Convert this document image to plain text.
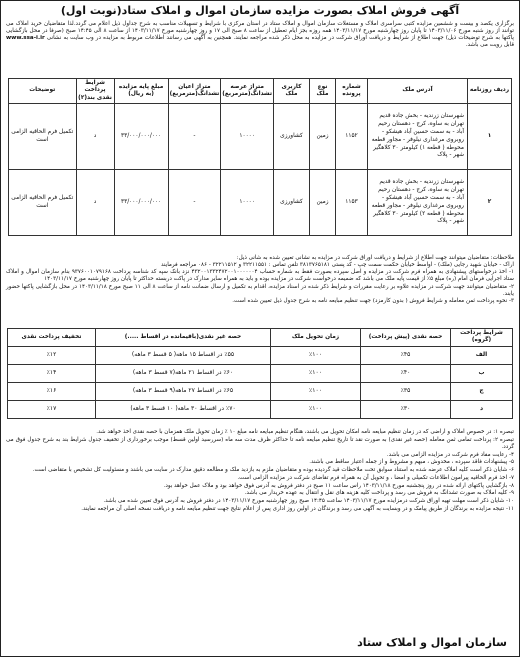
آگهی فروش املاک بصورت مزایده سازمان اموال و املاک ستاد(نوبت اول)
برگزاری یکصد و بیست و ششمین مزایده کتبی سراسری املاک و مستغلات سازمان اموال و املاک ستاد در استان مرکزی با شرایط و تسهیلات مناسب به شرح جداول ذیل اعلام می گردد.لذا متقاضیان خرید املاک می توانند از روز شنبه مورخ ۱۴۰۳/۱۱/۰۶ تا پایان روز چهارشنبه مورخ ۱۴۰۳/۱۱/۱۷ همه روزه بجز ایام تعطیل از ساعت ۸ صبح الی ۱۷ و روز چهارشنبه مورخ ۱۴۰۳/۱۱/۱۷ از ساعت ۸ الی ۱۴:۴۵ صبح (صرفا در محل بازگشایی پاکتها به شرح توضیحات ذیل) جهت اطلاع از شرایط و دریافت اوراق شرکت در مزایده به محل ذکر شده مراجعه نمایند. همچنین به آگهی می رسانند اطلاعات مربوط به مزایده در وب سایت به نشانی www.ssa-i.ir قابل رویت می باشد.
ردیف روزنامه	آدرس ملک	شماره پرونده	نوع ملک	کاربری ملک	متراژ عرصه تشدانگ(مترمربع)	متراژ اعیان تشدانگ(مترمربع)	مبلغ پایه مزایده (به ریال)	شرایط پرداخت نقدی بند(۲)	توضیحات
۱	شهرستان زرندیه - بخش جاده قدیم تهران به ساوه، کرج - دهستان رحیم آباد - به سمت حسین آباد هیشکو - روبروی مرغداری نیلوفر - مجاور قطعه محوطه ( قطعه ۱) کیلومتر ۳۰ کلاهگیر شهر - پلاک	۱۱۵۲	زمین	کشاورزی	۱۰۰۰۰	-	۳۳/۰۰۰/۰۰۰/۰۰۰	د	تکمیل فرم الحاقیه الزامی است
۲	شهرستان زرندیه - بخش جاده قدیم تهران به ساوه، کرج - دهستان رحیم آباد - به سمت حسین آباد هیشکو - روبروی مرغداری نیلوفر - مجاور قطعه محوطه ( قطعه ۲) کیلومتر ۳۰ کلاهگیر شهر - پلاک	۱۱۵۳	زمین	کشاورزی	۱۰۰۰۰	-	۳۳/۰۰۰/۰۰۰/۰۰۰	د	تکمیل فرم الحاقیه الزامی است

ملاحظات: متقاضیان میتوانند جهت اطلاع از شرایط و دریافت اوراق شرکت در مزایده به نشانی تعیین شده به شانی ذیل:

اراک - خیابان شهید رجایی (ملک) - اواسط خیابان حکمت سمت چپ - کد پستی ۳۸۱۳۷۶۵۱۸۱ تلفن تماس : ۳۲۲۱۱۵۵۱ و ۳۲۲۱۱۵۱۲ - ۰۸۶ مراجعه فرمایند

۱- اخذ درخواستهای پیشنهادی به همراه فرم شرکت در مزایده و اصل سپرده بصورت فقط به شماره حساب ۴۳۲۰۰۱۳۳۲۴۷۲۰۰۱۰۰۰۰۰۰۴ نزد بانک سپه کد شناسه پرداخت ۹۳۷۶۰۰۱۰۷۹۱۶۸ بنام سازمان اموال و املاک ستاد اجرایی فرمان امام (ره) مبلغ ۵٪ از قیمت پایه ملک می باشد که ضمیمه درخواست شرکت در مزایده بوده و باید به همراه سایر مدارک در پاکت دربسته حداکثر تا پایان روز چهارشنبه مورخ ۱۴۰۳/۱۱/۱۷

۲- متقاضیان میتوانند جهت شرکت در مزایده علاوه بر رعایت مقررات و شرایط ذکر شده در اسناد مزایده، اقدام به تکمیل و ارسال ضمانت نامه از ساعت ۸ الی ۱۱ صبح مورخ ۱۴۰۳/۱۱/۱۸ در محل بازگشایی پاکتها حضور یابند.

۳- نحوه پرداخت ثمن معامله و شرایط فروش ( بدون کارمزد) جهت تنظیم مبایعه نامه به شرح جدول ذیل تعیین شده است.

شرایط پرداخت (گروه)	حصه نقدی (پیش پرداخت)	زمان تحویل ملک	حصه غیر نقدی(باقیمانده در اقساط .....)	تخفیف پرداخت نقدی
الف	٪۴۵	٪۱۰۰	٪۵۵ در اقساط ۱۵ ماهه( ۵ قسط ۳ ماهه)	٪۱۲
ب	٪۴۰	٪۱۰۰	٪۶۰ در اقساط ۲۱ ماهه(۷ قسط ۳ ماهه)	٪۱۴
ج	٪۳۵	٪۱۰۰	٪۶۵ در اقساط ۲۷ ماهه(۹ قسط ۳ ماهه)	٪۱۶
د	٪۳۰	٪۱۰۰	٪۷۰ در اقساط ۳۰ ماهه( ۱۰ قسط ۳ ماهه)	٪۱۷

تبصره ۱: در خصوص املاک و اراضی که در زمان تنظیم مبایعه نامه امکان تحویل می باشند، هنگام تنظیم مبایعه نامه مبلغ ۱۰ ٪ زمان تحویل ملک همزمان با حصه نقدی اخذ خواهد شد.

تبصره ۲: پرداخت تمامی ثمن معامله (حصه غیر نقدی) به صورت نقد تا تاریخ تنظیم مبایعه نامه تا حداکثر ظرف مدت سه ماه (سررسید اولین قسط) موجب برخورداری از تخفیف جدول شرایط بند به شرح جدول فوق می گردد.

۴- رعایت مفاد فرم شرکت در مزایده الزامی می باشد.

۵- پیشنهادات فاقد سپرده ، مخدوش ، مبهم و مشروط و از جمله اعتبار ساقط می باشند.

۶- شایان ذکر است کلیه املاک عرضه شده به استناد سوابق تحت ملاحظات قید گردیده بوده و متقاضیان ملزم به بازدید ملک و مطالعه دقیق مدارک در سایت می باشند و مسئولیت کل تشخیص با متقاضی است.

۷- اخذ فرم الحاقیه پیرامون اطلاعات تکمیلی و امضا ، و تحویل آن به همراه فرم تقاضای شرکت در مزایده الزامی است.

۸- بازگشایی پاکتهای ارائه شده در روز پنجشنبه مورخ ۱۴۰۳/۱۱/۱۸ راس ساعت ۱۱ صبح در دفتر فروش به آدرس فوق خواهد بود و ملاک عمل خواهد بود.

۹- کلیه املاک به صورت تشدانگ به فروش می رسد و پرداخت کلیه هزینه های نقل و انتقال به عهده خریدار می باشد.

۱۰- شایان ذکر است مهلت تهیه اوراق شرکت درمزایده مورخ ۱۴۰۳/۱۱/۱۷ ساعت ۱۴:۴۵ صبح روز چهارشنبه مورخ ۱۴۰۳/۱۱/۱۷ در دفتر فروش به آدرس فوق تعیین شده می باشد.

۱۱- نتیجه مزایده به برندگان از طریق پیامک و در وبسایت به آگهی می رسد و برندگان در اولین روز اداری پس از اعلام نتایج جهت تنظیم مبایعه نامه و دریافت نسخه اصلی آن مراجعه نمایند.

سازمان اموال و املاک ستاد
